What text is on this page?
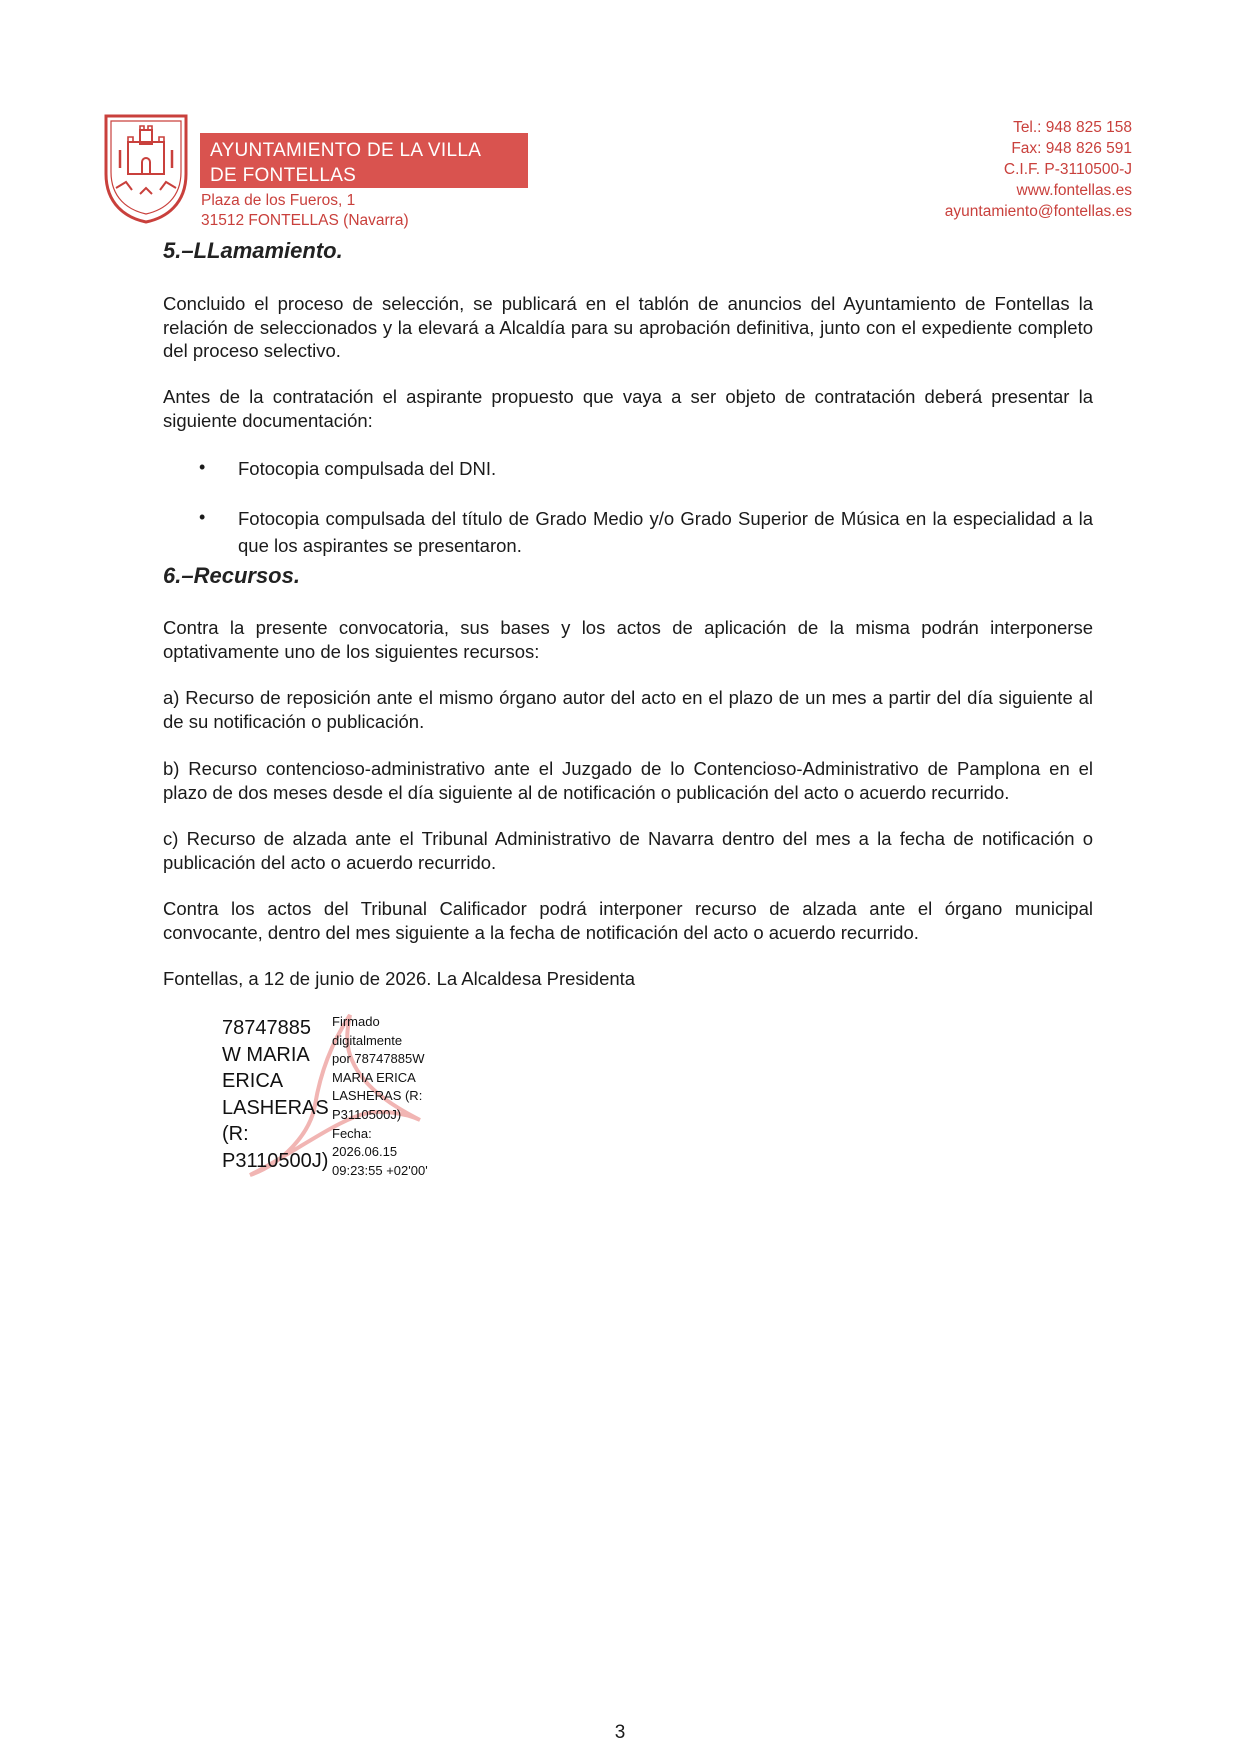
AYUNTAMIENTO DE LA VILLA
DE FONTELLAS
Plaza de los Fueros, 1
31512 FONTELLAS (Navarra)
Tel.: 948 825 158
Fax: 948 826 591
C.I.F. P-3110500-J
www.fontellas.es
ayuntamiento@fontellas.es
5.–LLamamiento.
Concluido el proceso de selección, se publicará en el tablón de anuncios del Ayuntamiento de Fontellas la relación de seleccionados y la elevará a Alcaldía para su aprobación definitiva, junto con el expediente completo del proceso selectivo.
Antes de la contratación el aspirante propuesto que vaya a ser objeto de contratación deberá presentar la siguiente documentación:
• Fotocopia compulsada del DNI.
• Fotocopia compulsada del título de Grado Medio y/o Grado Superior de Música en la especialidad a la que los aspirantes se presentaron.
6.–Recursos.
Contra la presente convocatoria, sus bases y los actos de aplicación de la misma podrán interponerse optativamente uno de los siguientes recursos:
a) Recurso de reposición ante el mismo órgano autor del acto en el plazo de un mes a partir del día siguiente al de su notificación o publicación.
b) Recurso contencioso-administrativo ante el Juzgado de lo Contencioso-Administrativo de Pamplona en el plazo de dos meses desde el día siguiente al de notificación o publicación del acto o acuerdo recurrido.
c) Recurso de alzada ante el Tribunal Administrativo de Navarra dentro del mes a la fecha de notificación o publicación del acto o acuerdo recurrido.
Contra los actos del Tribunal Calificador podrá interponer recurso de alzada ante el órgano municipal convocante, dentro del mes siguiente a la fecha de notificación del acto o acuerdo recurrido.
Fontellas, a 12 de junio de 2026. La Alcaldesa Presidenta
78747885
W MARIA
ERICA
LASHERAS
(R:
P3110500J)
Firmado
digitalmente
por 78747885W
MARIA ERICA
LASHERAS (R:
P3110500J)
Fecha:
2026.06.15
09:23:55 +02'00'
3
